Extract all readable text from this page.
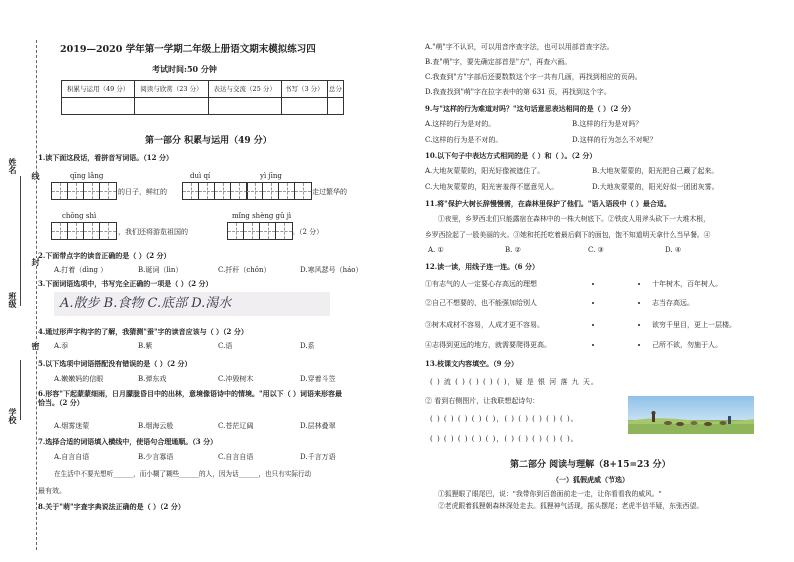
姓名
班级
学校
线
封
密
2019—2020 学年第一学期二年级上册语文期末模拟练习四
考试时间:50 分钟
积累与运用（49 分）	阅读与欣赏（23 分）	表达与交流（25 分）	书写（3 分）	总分

第一部分 积累与运用（49 分）
1.读下面这段话，看拼音写词语。（12 分）
qīng lǎng	duì qí	yì jīng
的日子，鲜红的	走过繁华的
chōng shì	mǐng shèng gǔ jì
，我们还将游览祖国的	。（2 分）
2.下面带点字的读音正确的是（ ）（2 分）
A.打着（dìng ）	B.诞词（lìn）	C.扦秆（chǒn）	D.寒风瑟号（háo）
3.下面词语选项中，书写完全正确的一项是（ ）（2 分）
A.散步 B.食物 C.底部 D.渴水
4.通过形声字构字的了解，我猜测"蚕"字的读音应该与（ ）（2 分）
A.忝	B.紫	C.语	D.系
5.以下选项中词语搭配没有错误的是（ ）（2 分）
A.嫩嫩妈的信眼	B.弹东戏	C.冲毁树木	D.穿着斗笠
6.形容"下起蒙蒙细雨，日月朦胧昏目中的出林，意境像语诗中的情境。"用以下（ ）词语来形容最恰当。（2 分）
A.烟雾迷蒙	B.烟海云般	C.苍茫辽阔	D.层林叠翠
7.选择合适的词语填入横线中，使语句合理通顺。（3 分）
A.自言自语	B.少言寡语	C.自言自语	D.千言万语
在生活中不要光想听______，而小糊了糊些______的人，因为话______，也只有实际行动
最有效。
8.关于"萌"字查字典说法正确的是（ ）（2 分）
A."萌"字不认识，可以用音序查字法，也可以用部首查字法。
B.查"萌"字，要先确定部首是"方"，再查六画。
C.我查到"方"字部后还要数数这个字一共有几画，再找到相应的页码。
D.我查找到"萌"字在拉字表中的第 631 页，再找到这个字。
9.与"这样的行为难道对吗？"这句话意思表达相同的是（ ）（2 分）
A.这样的行为是对的。	B.这样的行为是对吗？
C.这样的行为是不对的。	D.这样的行为怎么不对呢？
10.以下句子中表达方式相同的是（ ）和（ ）。（2 分）
A.大地灰蒙蒙的，阳光好像被遮住了。	B.大地灰蒙蒙的，阳光把自己藏了起来。
C.大地灰蒙蒙的，阳光害羞得不愿意见人。	D.大地灰蒙蒙的，阳光好似一团团灰雾。
11.将"保护大树长辞慢慢需，在森林里保护了他们。"语入语段中（ ）最合适。
①夜里，乡罗西北们只能露宿在森林中的一株大树底下。②铁皮人用斧头砍下一大堆木根，
乡罗西捡起了一股美丽的火。③她和托托吃着最后剩下的面包，饱不知道明天拿什么当早餐。④
A. ①	B. ②	C. ③	D. ④
12.读一读，用线子连一连。（6 分）
①有志气的人一定要心存高远的理想
②自己不想要的，也不能强加给别人
③树木成材不容易，人成才更不容易。
④志得到更远的地方，就需要爬得更高。
十年树木，百年树人。
志当存高远。
欲穷千里目，更上一层楼。
己所不欲，勿施于人。
13.枝课文内容填空。（9 分）
( ) 流 ( ) ( ) ( ) ( )，疑 是 银 河 落 九 天。
② 看到右侧图片，让我联想起诗句：
( ) ( ) ( ) ( ) ( )，( ) ( ) ( ) ( ) ( )。
( ) ( ) ( ) ( ) ( )，( ) ( ) ( ) ( ) ( )。
第二部分 阅读与理解（8+15=23 分）
（一）狐假虎威（节选）
①狐狸眼了眼尾巴，说："我带你到百兽面前走一走，让你看看我的威风。"
②老虎跟着狐狸朝森林深处走去。狐狸神气活现，摇头摆尾；老虎半信半疑，东张西望。
